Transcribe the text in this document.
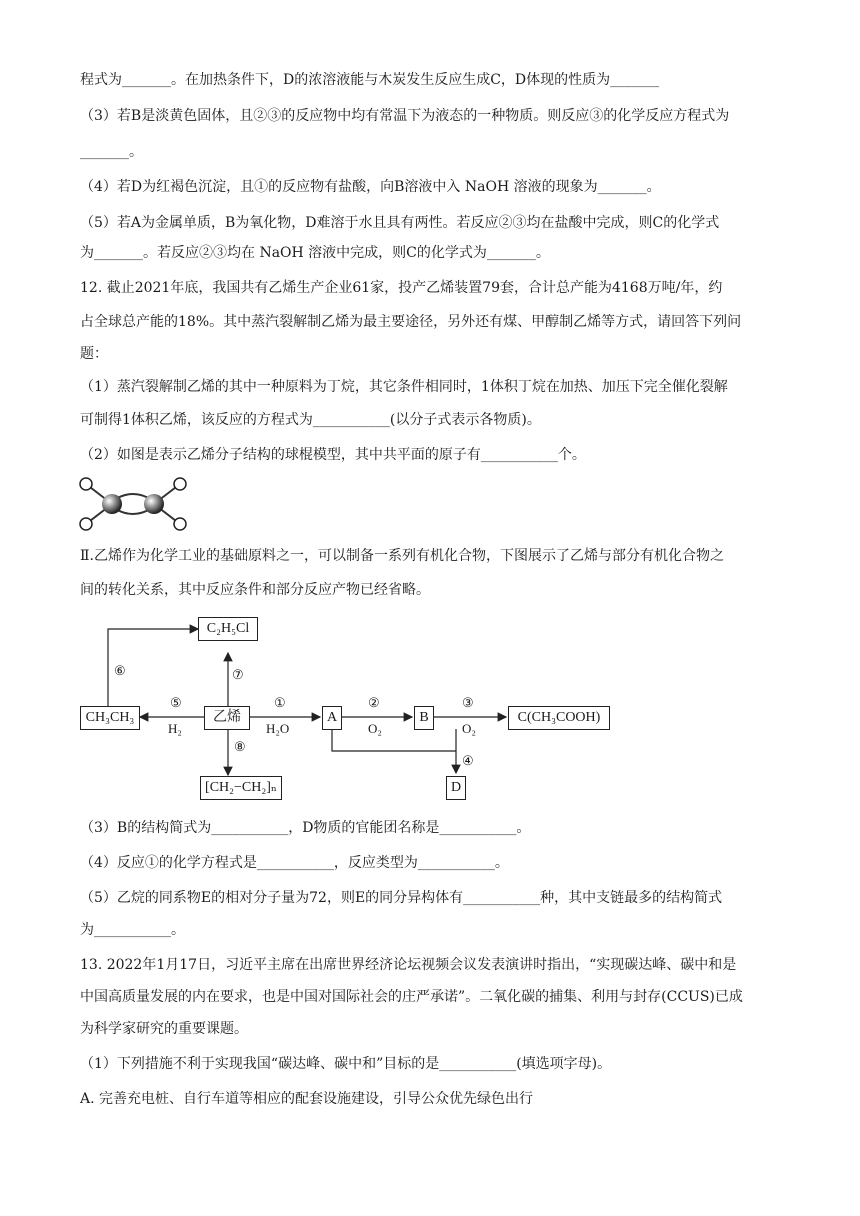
程式为_______。在加热条件下，D的浓溶液能与木炭发生反应生成C，D体现的性质为_______
（3）若B是淡黄色固体，且②③的反应物中均有常温下为液态的一种物质。则反应③的化学反应方程式为
_______。
（4）若D为红褐色沉淀，且①的反应物有盐酸，向B溶液中入 NaOH 溶液的现象为_______。
（5）若A为金属单质，B为氧化物，D难溶于水且具有两性。若反应②③均在盐酸中完成，则C的化学式
为_______。若反应②③均在 NaOH 溶液中完成，则C的化学式为_______。
12. 截止2021年底，我国共有乙烯生产企业61家，投产乙烯装置79套，合计总产能为4168万吨/年，约
占全球总产能的18%。其中蒸汽裂解制乙烯为最主要途径，另外还有煤、甲醇制乙烯等方式，请回答下列问
题：
（1）蒸汽裂解制乙烯的其中一种原料为丁烷，其它条件相同时，1体积丁烷在加热、加压下完全催化裂解
可制得1体积乙烯，该反应的方程式为___________(以分子式表示各物质)。
（2）如图是表示乙烯分子结构的球棍模型，其中共平面的原子有___________个。
Ⅱ.乙烯作为化学工业的基础原料之一，可以制备一系列有机化合物，下图展示了乙烯与部分有机化合物之
间的转化关系，其中反应条件和部分反应产物已经省略。
C₂H₅Cl
CH₃CH₃	乙烯	A	B	C(CH₃COOH)
D
[CH₂−CH₂]ₙ
⑥	⑦
⑤
H₂
①
H₂O
②
O₂
③
O₂
⑧
④
（3）B的结构简式为___________，D物质的官能团名称是___________。
（4）反应①的化学方程式是___________，反应类型为___________。
（5）乙烷的同系物E的相对分子量为72，则E的同分异构体有___________种，其中支链最多的结构简式
为___________。
13. 2022年1月17日，习近平主席在出席世界经济论坛视频会议发表演讲时指出，“实现碳达峰、碳中和是
中国高质量发展的内在要求，也是中国对国际社会的庄严承诺”。二氧化碳的捕集、利用与封存(CCUS)已成
为科学家研究的重要课题。
（1）下列措施不利于实现我国“碳达峰、碳中和”目标的是___________(填选项字母)。
A. 完善充电桩、自行车道等相应的配套设施建设，引导公众优先绿色出行
